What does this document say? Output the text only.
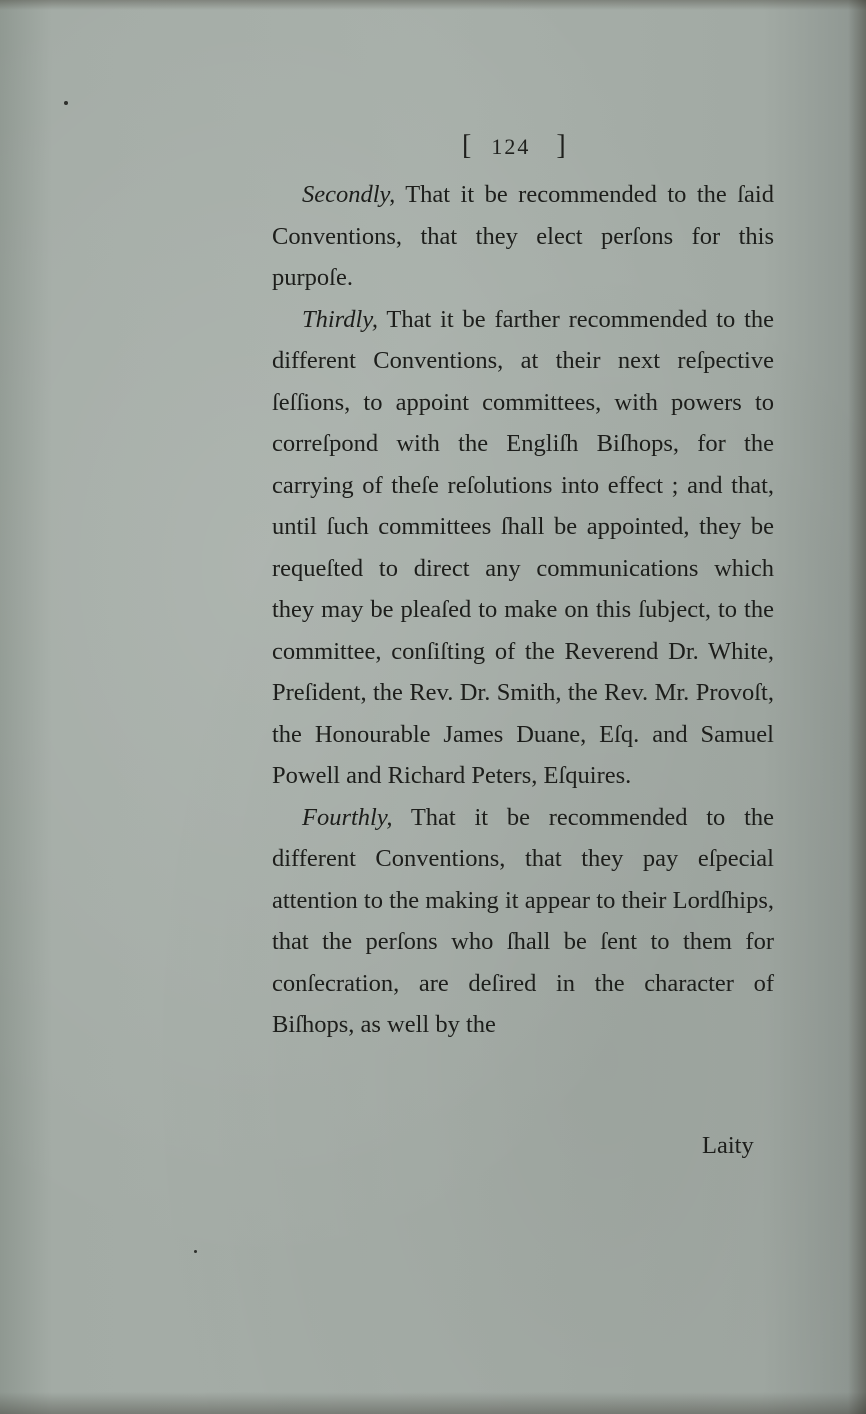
[ 124 ]

Secondly, That it be recommended to the ſaid Conventions, that they elect perſons for this purpoſe.

Thirdly, That it be farther recommended to the different Conventions, at their next reſpective ſeſſions, to appoint committees, with powers to correſpond with the Engliſh Biſhops, for the carrying of theſe reſolutions into effect ; and that, until ſuch committees ſhall be appointed, they be requeſted to direct any communications which they may be pleaſed to make on this ſubject, to the committee, conſiſting of the Reverend Dr. White, Preſident, the Rev. Dr. Smith, the Rev. Mr. Provoſt, the Honourable James Duane, Eſq. and Samuel Powell and Richard Peters, Eſquires.

Fourthly, That it be recommended to the different Conventions, that they pay eſpecial attention to the making it appear to their Lordſhips, that the perſons who ſhall be ſent to them for conſecration, are deſired in the character of Biſhops, as well by the

Laity
